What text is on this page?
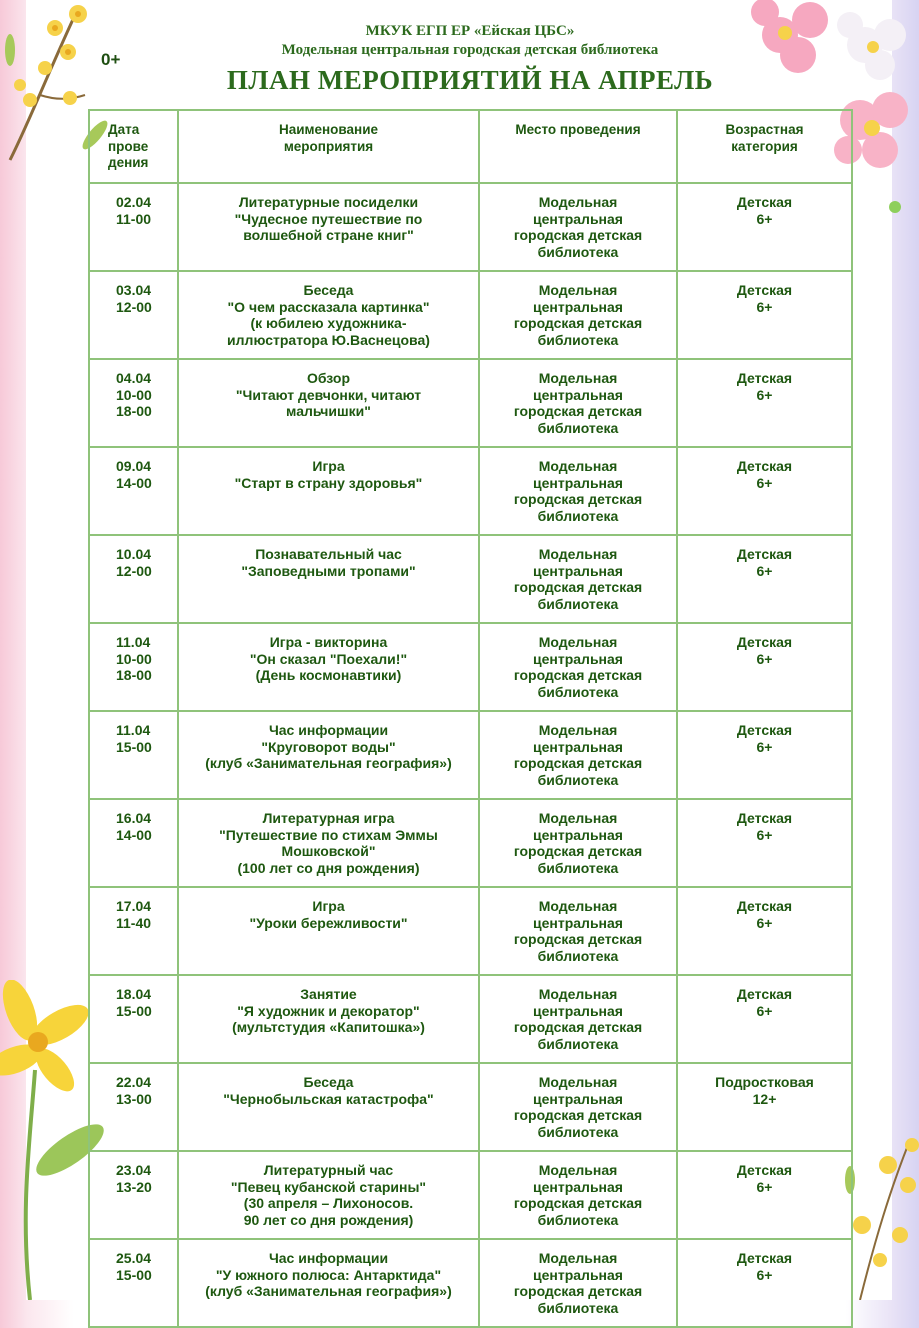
0+
МКУК ЕГП ЕР «Ейская ЦБС»
Модельная центральная городская детская библиотека
ПЛАН МЕРОПРИЯТИЙ НА АПРЕЛЬ
Дата
прове
дения	Наименование
мероприятия	Место проведения	Возрастная
категория

02.04
11-00	Литературные посиделки
"Чудесное путешествие по
волшебной стране книг"	Модельная
центральная
городская детская
библиотека	Детская
6+

03.04
12-00	Беседа
"О чем рассказала картинка"
(к юбилею художника-
иллюстратора Ю.Васнецова)	Модельная
центральная
городская детская
библиотека	Детская
6+

04.04
10-00
18-00	Обзор
"Читают девчонки, читают
мальчишки"	Модельная
центральная
городская детская
библиотека	Детская
6+

09.04
14-00	Игра
"Старт в страну здоровья"	Модельная
центральная
городская детская
библиотека	Детская
6+

10.04
12-00	Познавательный час
"Заповедными тропами"	Модельная
центральная
городская детская
библиотека	Детская
6+

11.04
10-00
18-00	Игра - викторина
"Он сказал "Поехали!"
(День космонавтики)	Модельная
центральная
городская детская
библиотека	Детская
6+

11.04
15-00	Час информации
"Круговорот воды"
(клуб «Занимательная география»)	Модельная
центральная
городская детская
библиотека	Детская
6+

16.04
14-00	Литературная игра
"Путешествие по стихам Эммы
Мошковской"
(100 лет со дня рождения)	Модельная
центральная
городская детская
библиотека	Детская
6+

17.04
11-40	Игра
"Уроки бережливости"	Модельная
центральная
городская детская
библиотека	Детская
6+

18.04
15-00	Занятие
"Я художник и декоратор"
(мультстудия «Капитошка»)	Модельная
центральная
городская детская
библиотека	Детская
6+

22.04
13-00	Беседа
"Чернобыльская катастрофа"	Модельная
центральная
городская детская
библиотека	Подростковая
12+

23.04
13-20	Литературный час
"Певец кубанской старины"
(30 апреля – Лихоносов.
90 лет со дня рождения)	Модельная
центральная
городская детская
библиотека	Детская
6+

25.04
15-00	Час информации
"У южного полюса: Антарктида"
(клуб «Занимательная география»)	Модельная
центральная
городская детская
библиотека	Детская
6+
